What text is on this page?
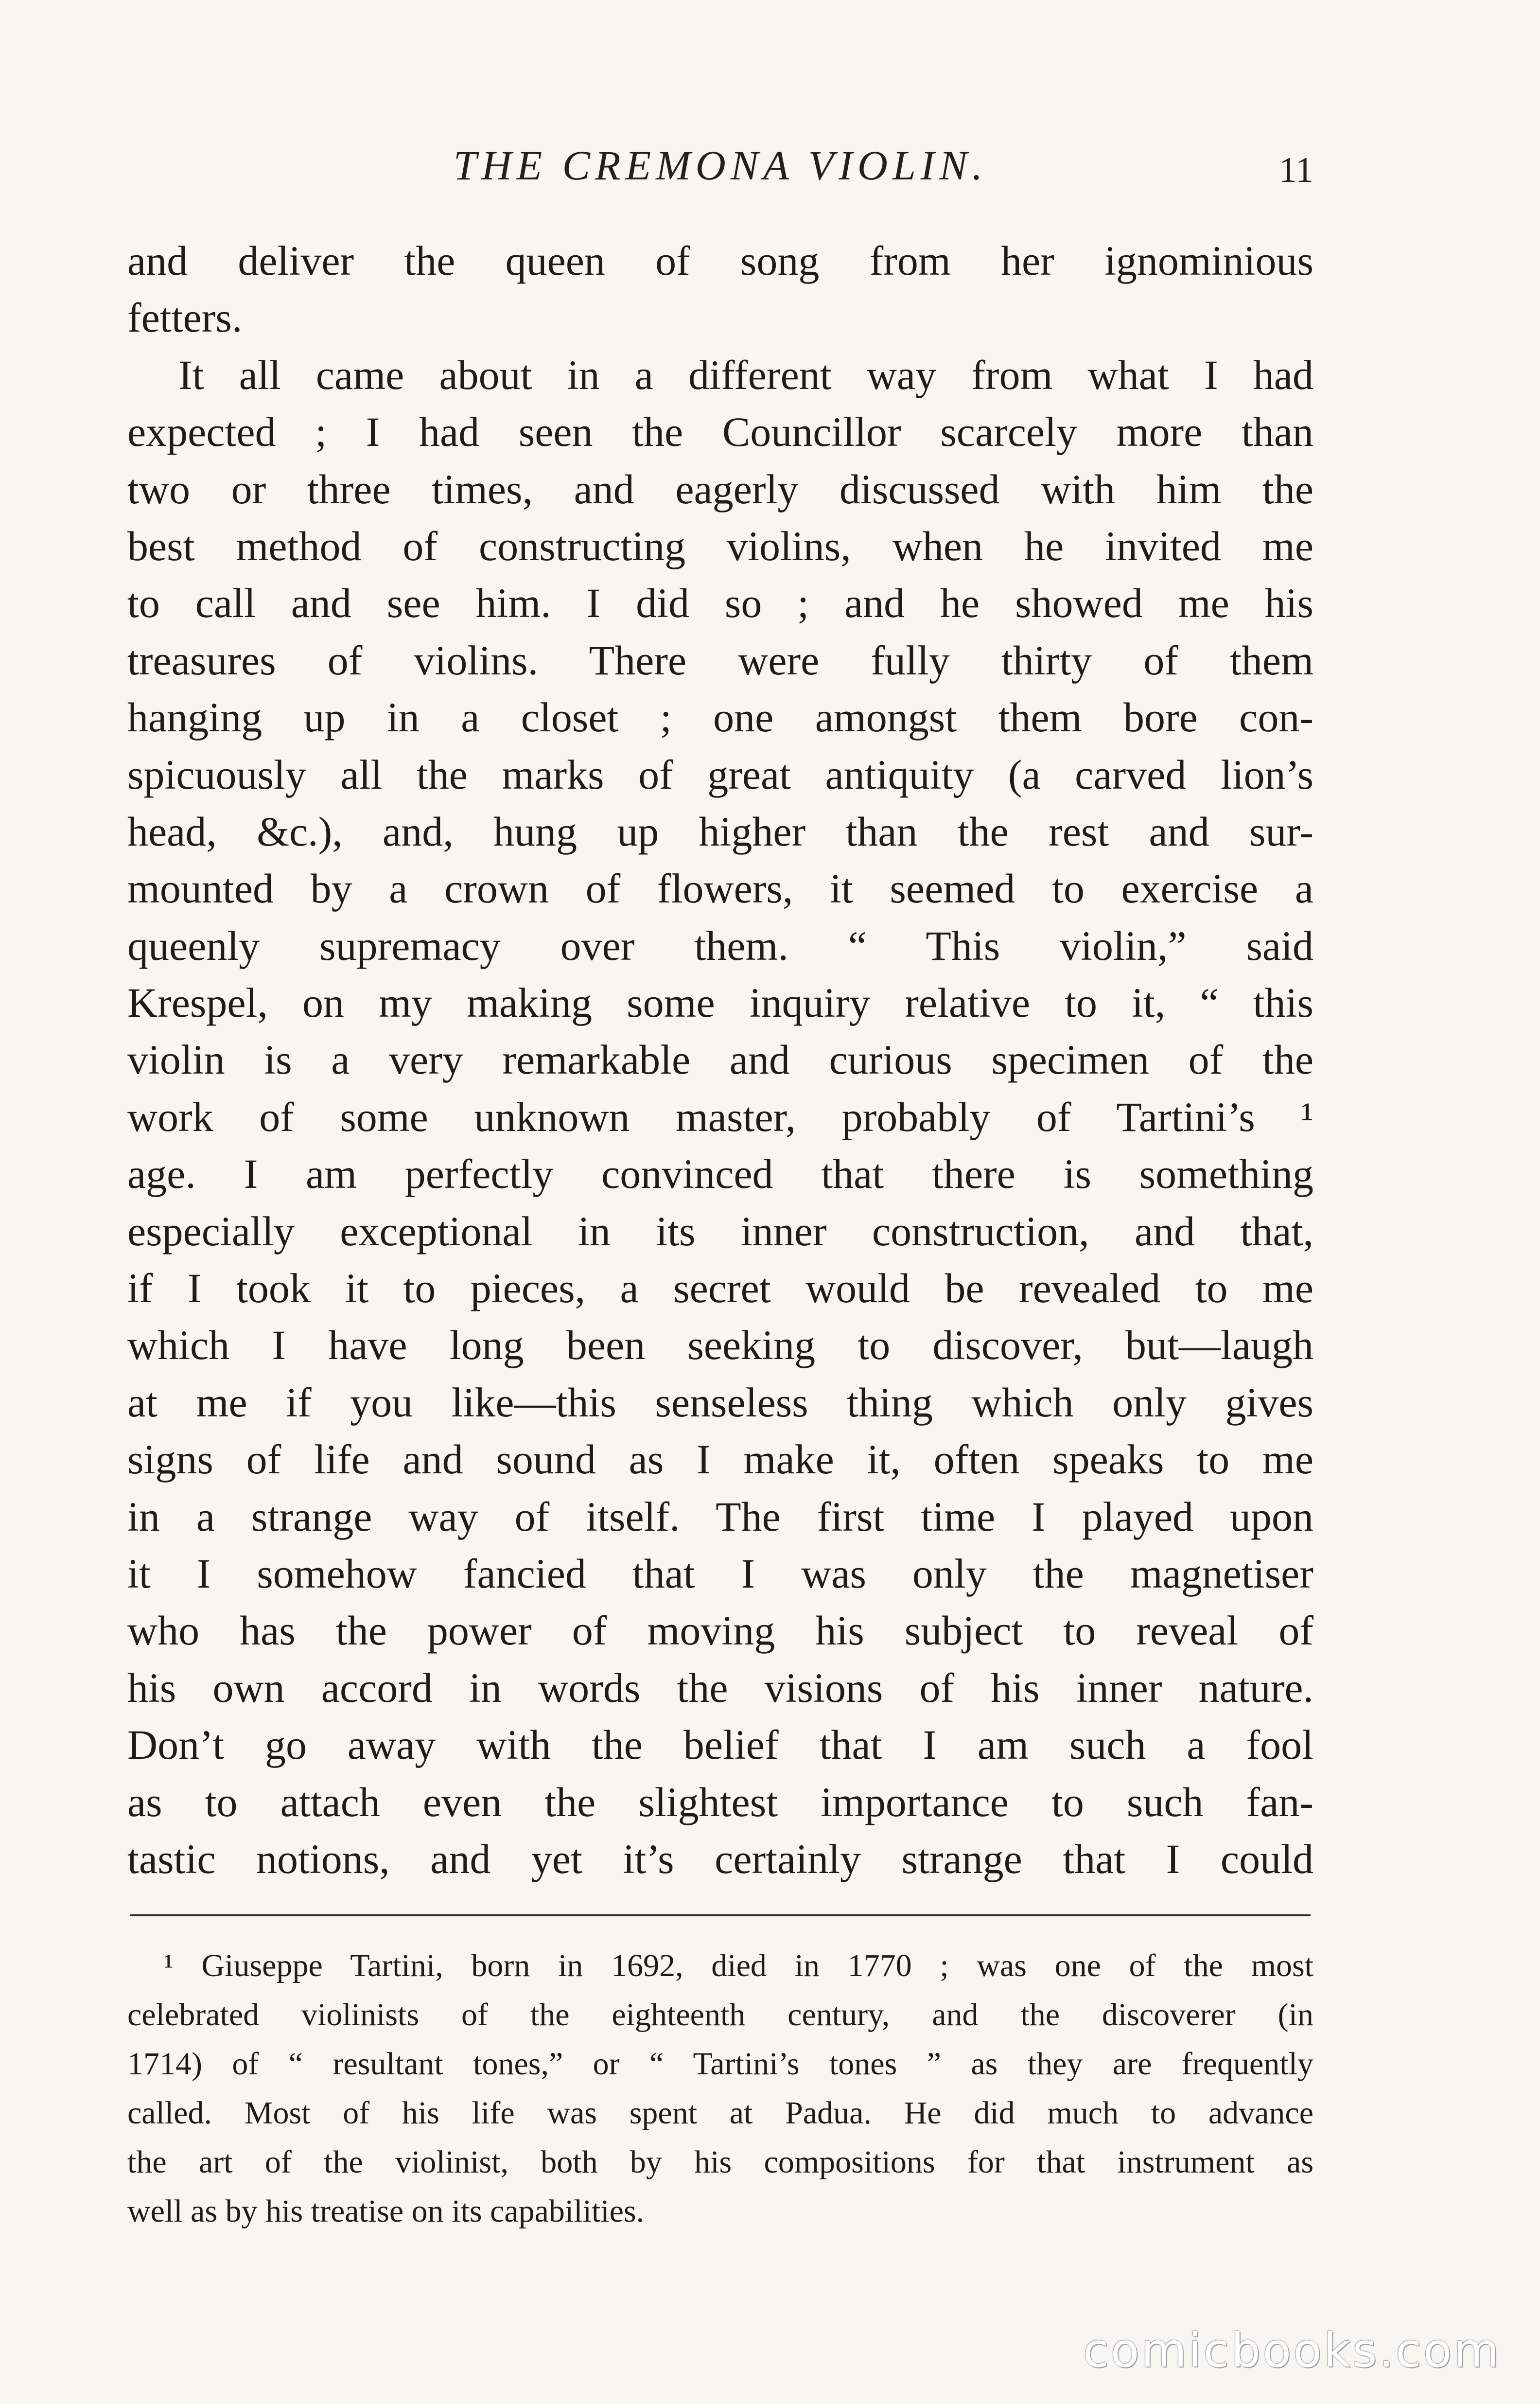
THE CREMONA VIOLIN.	11
and deliver the queen of song from her ignominious
fetters.
It all came about in a different way from what I had
expected ; I had seen the Councillor scarcely more than
two or three times, and eagerly discussed with him the
best method of constructing violins, when he invited me
to call and see him. I did so ; and he showed me his
treasures of violins. There were fully thirty of them
hanging up in a closet ; one amongst them bore con-
spicuously all the marks of great antiquity (a carved lion’s
head, &c.), and, hung up higher than the rest and sur-
mounted by a crown of flowers, it seemed to exercise a
queenly supremacy over them. “ This violin,” said
Krespel, on my making some inquiry relative to it, “ this
violin is a very remarkable and curious specimen of the
work of some unknown master, probably of Tartini’s ¹
age. I am perfectly convinced that there is something
especially exceptional in its inner construction, and that,
if I took it to pieces, a secret would be revealed to me
which I have long been seeking to discover, but—laugh
at me if you like—this senseless thing which only gives
signs of life and sound as I make it, often speaks to me
in a strange way of itself. The first time I played upon
it I somehow fancied that I was only the magnetiser
who has the power of moving his subject to reveal of
his own accord in words the visions of his inner nature.
Don’t go away with the belief that I am such a fool
as to attach even the slightest importance to such fan-
tastic notions, and yet it’s certainly strange that I could
¹ Giuseppe Tartini, born in 1692, died in 1770 ; was one of the most
celebrated violinists of the eighteenth century, and the discoverer (in
1714) of “ resultant tones,” or “ Tartini’s tones ” as they are frequently
called. Most of his life was spent at Padua. He did much to advance
the art of the violinist, both by his compositions for that instrument as
well as by his treatise on its capabilities.
comicbooks.com
